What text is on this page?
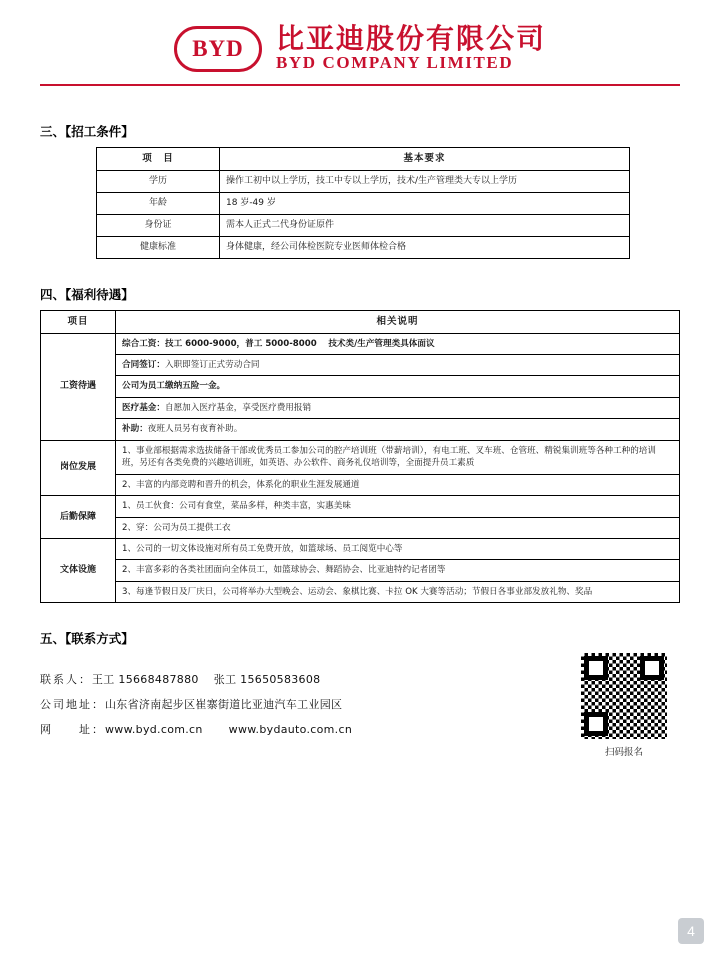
BYD 比亚迪股份有限公司
BYD COMPANY LIMITED
三、【招工条件】
项　目	基本要求
学历	操作工初中以上学历，技工中专以上学历，技术/生产管理类大专以上学历
年龄	18 岁-49 岁
身份证	需本人正式二代身份证原件
健康标准	身体健康，经公司体检医院专业医师体检合格
四、【福利待遇】
项目	相关说明
工资待遇	综合工资：技工 6000-9000，普工 5000-8000 　技术类/生产管理类具体面议
	合同签订：入职即签订正式劳动合同
	公司为员工缴纳五险一金。
	医疗基金：自愿加入医疗基金，享受医疗费用报销
	补助：夜班人员另有夜育补助。
岗位发展	1、事业部根据需求选拔储备干部或优秀员工参加公司的腔产培训班（带薪培训），有电工班、叉车班、仓管班、精锐集训班等各种工种的培训班，另还有各类免费的兴趣培训班，如英语、办公软件、商务礼仪培训等，全面提升员工素质
	2、丰富的内部竞聘和晋升的机会，体系化的职业生涯发展通道
后勤保障	1、员工伙食：公司有食堂，菜品多样，种类丰富，实惠美味
	2、穿：公司为员工提供工衣
文体设施	1、公司的一切文体设施对所有员工免费开放，如篮球场、员工阅览中心等
	2、丰富多彩的各类社团面向全体员工，如篮球协会、舞蹈协会、比亚迪特约记者团等
	3、每逢节假日及厂庆日，公司将举办大型晚会、运动会、象棋比赛、卡拉 OK 大赛等活动；节假日各事业部发放礼物、奖品
五、【联系方式】
联系人：王工 15668487880　 张工 15650583608
公司地址：山东省济南起步区崔寨街道比亚迪汽车工业园区
网　　址：www.byd.com.cn www.bydauto.com.cn
扫码报名
4
